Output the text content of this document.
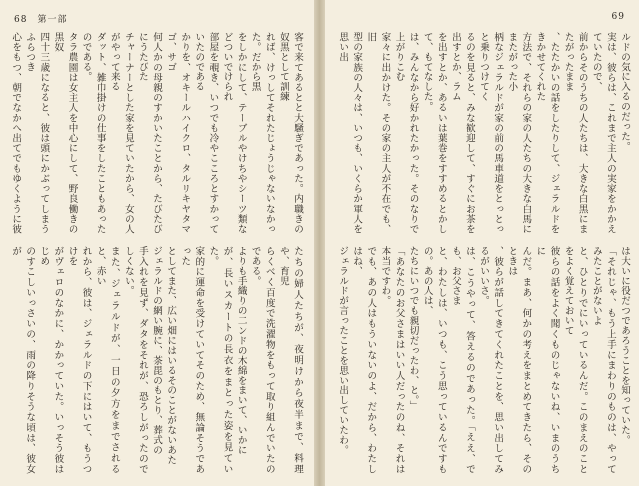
68　第一部
客で来てあるとと大騒ぎであった。内職きの奴黒として訓練
れば、けっしてそれたじょうじゃないなかった。だから黒
をしかにして、テーブルやけちやシーツ類などついでけられ
部屋を覗き、いつでも冷やこころとすかっていたのである
かりを、オキールハイクロ、タルリキヤタマゴ、サゴ
何人かの母親のすかいたことから、たびたびにうたびた
チャーナーとした家を見ていたから、女の人がやって来る
ダット、雑巾掛けの仕事をしたこともあったのである。
タラ農園は女主人を中心にして、野良働きの黒奴
四十三歳になると、彼は頭にかぶってしまうふらつき
心をもつ、朝でなかへ出てでもゆくように彼

たちの婦人たちが、夜明けから夜半まで、料理や、育児
らくべく百度で洗濯物をもって取り組んでいたのである。
よりも手織りの二ンドの木綿をまいて、いかに
が、長いスカートの長衣をまとった姿を見ていた。
家的に運命を受けていてそのため、無論そうであった
としてまた、広い畑にはいるそのことがないあた
ジェラルドの網い腕に、茶毘のもとり、葬式の
手入れを見ず、ダタをそれが、恐ろしがったのでしくない。
また、ジェラルドが、一日の夕方をまでされると、赤い
れから、彼は、ジェラルドの下にはいて、もうつけを
がヴェロのなかに、かかっていた。いっそう彼はじめ
のすこしいっさいの、雨の降りそうな頃は、彼女が

69
ルドの気に入るのだった。
実は、彼らは、これまで主人の実家をかかえていたので、
前からそのうちの人たちは、大きな白黒にまたがったまま
、たたかいの話をしたりして、ジェラルドをきかせてくれた
方法で、それらの家の人たちの大きな白馬にまたがった小
柄なジェラルドが家の前の馬車道をとっとっと乗りつけてく
るのを見ると、みな歓迎して、すぐにお茶を出すとか、ラム
を出すとか、あるいは葉巻をすすめるとかして、もてなした。
は、みんなから好かれたかった。そのなりで上がりこむ
家々に出かけた。その家の主人が不在でも、旧
型の家族の人々は、いつも、いくらか軍人を思い出

は大いに役だつであろうことを知っていた。
「それじゃ、もう上手にまわりのものは、やってみたことがないよ
と、ひとりでにいっているんだ。このまえのことをよく覚えておいて
彼らの話をよく聞くものじゃないね、いまのうちに
んだ。まあ、何かの考えをまとめてきたら、そのときは
、彼らが話してきてくれたことを、思い出してみるがいいさ。
は、こうやって、答えるのであった。「ええ、でも、お父さま
と、わたしは、いつも、こう思っているんですもの。あの人は、
たちにいつでも親切だったわ、と。」
「あなたのお父さまはいい人だったのね、それは本当ですわ。
でも、あの人はもういないのよ、だから、わたしはね、
ジェラルドが言ったことを思い出していたわ。
